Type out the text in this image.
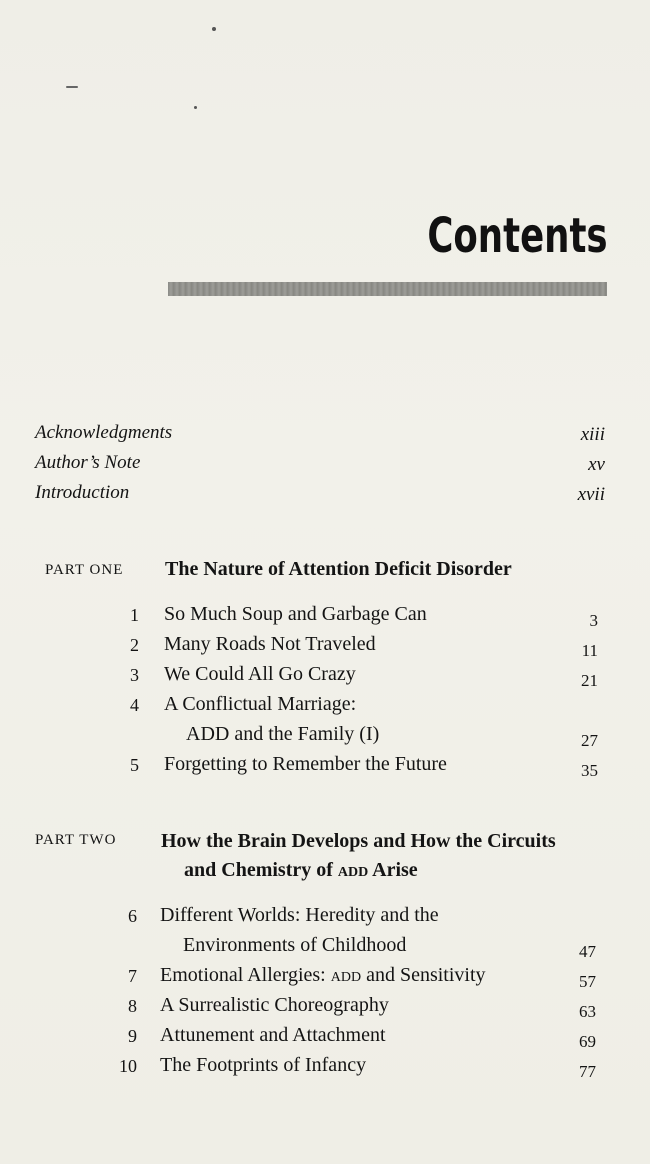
Contents
Acknowledgments	xiii
Author’s Note	xv
Introduction	xvii
PART ONE The Nature of Attention Deficit Disorder
1 So Much Soup and Garbage Can	3
2 Many Roads Not Traveled	11
3 We Could All Go Crazy	21
4 A Conflictual Marriage:
ADD and the Family (I)	27
5 Forgetting to Remember the Future	35
PART TWO How the Brain Develops and How the Circuits
and Chemistry of add Arise
6 Different Worlds: Heredity and the
Environments of Childhood	47
7 Emotional Allergies: add and Sensitivity	57
8 A Surrealistic Choreography	63
9 Attunement and Attachment	69
10 The Footprints of Infancy	77
